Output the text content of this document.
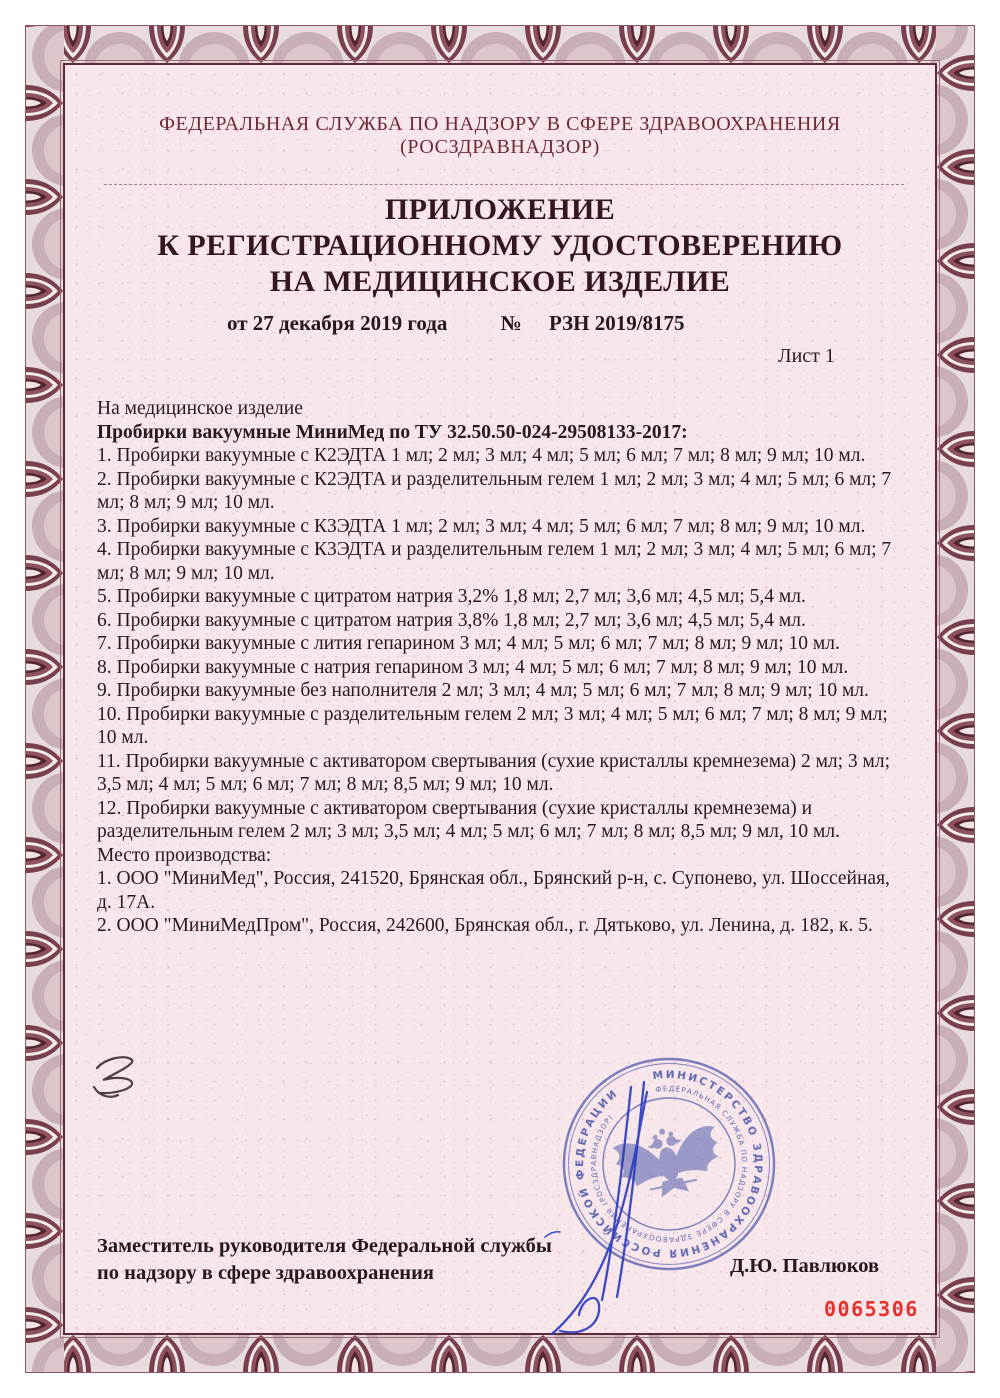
ФЕДЕРАЛЬНАЯ СЛУЖБА ПО НАДЗОРУ В СФЕРЕ ЗДРАВООХРАНЕНИЯ
(РОСЗДРАВНАДЗОР)
ПРИЛОЖЕНИЕ
К РЕГИСТРАЦИОННОМУ УДОСТОВЕРЕНИЮ
НА МЕДИЦИНСКОЕ ИЗДЕЛИЕ
от 27 декабря 2019 года	№ РЗН 2019/8175
Лист 1

На медицинское изделие

Пробирки вакуумные МиниМед по ТУ 32.50.50-024-29508133-2017:

1. Пробирки вакуумные с К2ЭДТА 1 мл; 2 мл; 3 мл; 4 мл; 5 мл; 6 мл; 7 мл; 8 мл; 9 мл; 10 мл.

2. Пробирки вакуумные с К2ЭДТА и разделительным гелем 1 мл; 2 мл; 3 мл; 4 мл; 5 мл; 6 мл; 7 мл; 8 мл; 9 мл; 10 мл.

3. Пробирки вакуумные с К3ЭДТА 1 мл; 2 мл; 3 мл; 4 мл; 5 мл; 6 мл; 7 мл; 8 мл; 9 мл; 10 мл.

4. Пробирки вакуумные с К3ЭДТА и разделительным гелем 1 мл; 2 мл; 3 мл; 4 мл; 5 мл; 6 мл; 7 мл; 8 мл; 9 мл; 10 мл.

5. Пробирки вакуумные с цитратом натрия 3,2% 1,8 мл; 2,7 мл; 3,6 мл; 4,5 мл; 5,4 мл.

6. Пробирки вакуумные с цитратом натрия 3,8% 1,8 мл; 2,7 мл; 3,6 мл; 4,5 мл; 5,4 мл.

7. Пробирки вакуумные с лития гепарином 3 мл; 4 мл; 5 мл; 6 мл; 7 мл; 8 мл; 9 мл; 10 мл.

8. Пробирки вакуумные с натрия гепарином 3 мл; 4 мл; 5 мл; 6 мл; 7 мл; 8 мл; 9 мл; 10 мл.

9. Пробирки вакуумные без наполнителя 2 мл; 3 мл; 4 мл; 5 мл; 6 мл; 7 мл; 8 мл; 9 мл; 10 мл.

10. Пробирки вакуумные с разделительным гелем 2 мл; 3 мл; 4 мл; 5 мл; 6 мл; 7 мл; 8 мл; 9 мл; 10 мл.

11. Пробирки вакуумные с активатором свертывания (сухие кристаллы кремнезема) 2 мл; 3 мл; 3,5 мл; 4 мл; 5 мл; 6 мл; 7 мл; 8 мл; 8,5 мл; 9 мл; 10 мл.

12. Пробирки вакуумные с активатором свертывания (сухие кристаллы кремнезема) и разделительным гелем 2 мл; 3 мл; 3,5 мл; 4 мл; 5 мл; 6 мл; 7 мл; 8 мл; 8,5 мл; 9 мл, 10 мл.

Место производства:

1. ООО "МиниМед", Россия, 241520, Брянская обл., Брянский р-н, с. Супонево, ул. Шоссейная, д. 17А.

2. ООО "МиниМедПром", Россия, 242600, Брянская обл., г. Дятьково, ул. Ленина, д. 182, к. 5.

Заместитель руководителя Федеральной службы
по надзору в сфере здравоохранения	Д.Ю. Павлюков
0065306
МИНИСТЕРСТВО ЗДРАВООХРАНЕНИЯ РОССИЙСКОЙ ФЕДЕРАЦИИ	ФЕДЕРАЛЬНАЯ СЛУЖБА ПО НАДЗОРУ В СФЕРЕ ЗДРАВООХРАНЕНИЯ (РОСЗДРАВНАДЗОР)
